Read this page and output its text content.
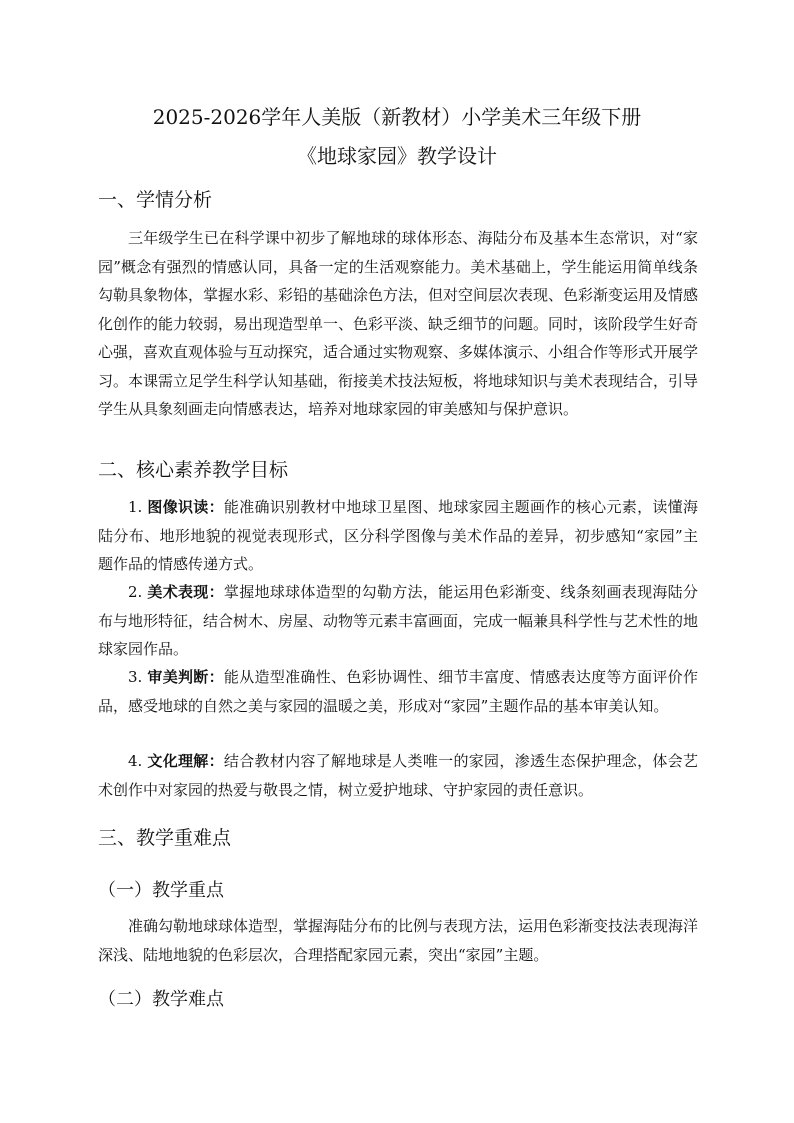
2025-2026学年人美版（新教材）小学美术三年级下册
《地球家园》教学设计
一、学情分析

三年级学生已在科学课中初步了解地球的球体形态、海陆分布及基本生态常识，对“家园”概念有强烈的情感认同，具备一定的生活观察能力。美术基础上，学生能运用简单线条勾勒具象物体，掌握水彩、彩铅的基础涂色方法，但对空间层次表现、色彩渐变运用及情感化创作的能力较弱，易出现造型单一、色彩平淡、缺乏细节的问题。同时，该阶段学生好奇心强，喜欢直观体验与互动探究，适合通过实物观察、多媒体演示、小组合作等形式开展学习。本课需立足学生科学认知基础，衔接美术技法短板，将地球知识与美术表现结合，引导学生从具象刻画走向情感表达，培养对地球家园的审美感知与保护意识。

二、核心素养教学目标

1. 图像识读：能准确识别教材中地球卫星图、地球家园主题画作的核心元素，读懂海陆分布、地形地貌的视觉表现形式，区分科学图像与美术作品的差异，初步感知“家园”主题作品的情感传递方式。

2. 美术表现：掌握地球球体造型的勾勒方法，能运用色彩渐变、线条刻画表现海陆分布与地形特征，结合树木、房屋、动物等元素丰富画面，完成一幅兼具科学性与艺术性的地球家园作品。

3. 审美判断：能从造型准确性、色彩协调性、细节丰富度、情感表达度等方面评价作品，感受地球的自然之美与家园的温暖之美，形成对“家园”主题作品的基本审美认知。

4. 文化理解：结合教材内容了解地球是人类唯一的家园，渗透生态保护理念，体会艺术创作中对家园的热爱与敬畏之情，树立爱护地球、守护家园的责任意识。

三、教学重难点
（一）教学重点

准确勾勒地球球体造型，掌握海陆分布的比例与表现方法，运用色彩渐变技法表现海洋深浅、陆地地貌的色彩层次，合理搭配家园元素，突出“家园”主题。

（二）教学难点
